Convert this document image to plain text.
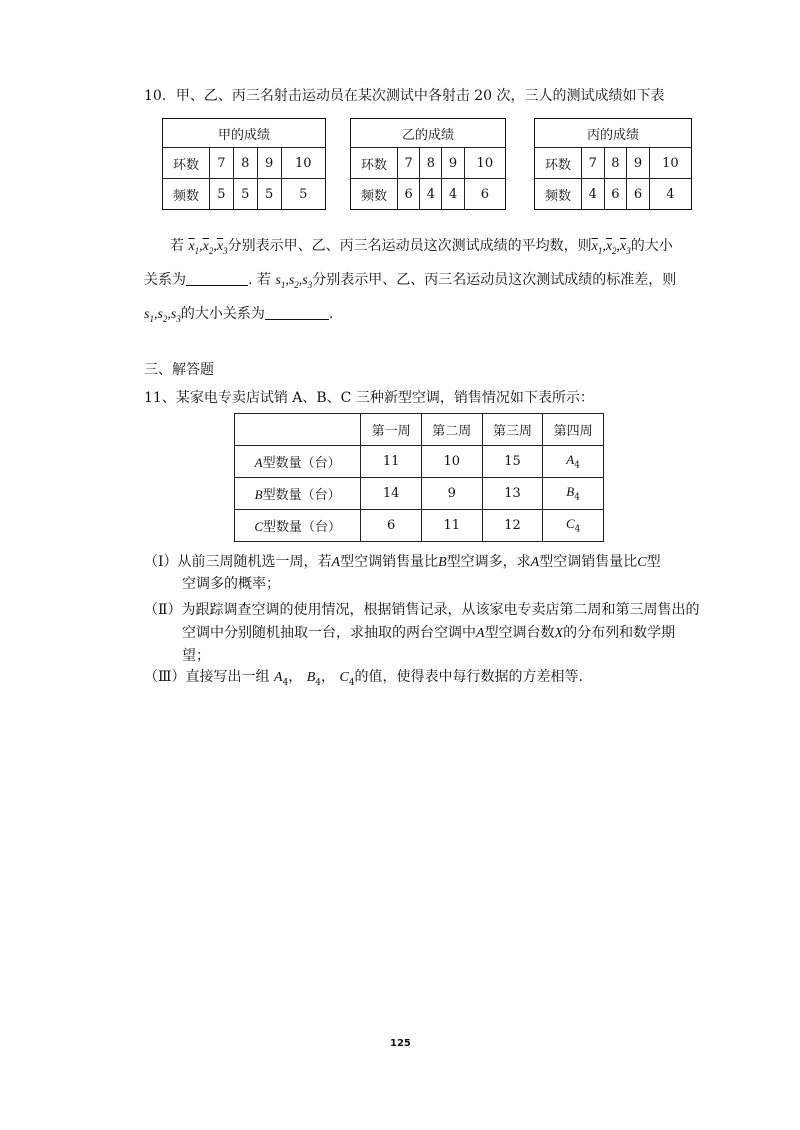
10．甲、乙、丙三名射击运动员在某次测试中各射击 20 次，三人的测试成绩如下表
甲的成绩				
环数	7	8	9	10
频数	5	5	5	5
乙的成绩				
环数	7	8	9	10
频数	6	4	4	6
丙的成绩				
环数	7	8	9	10
频数	4	6	6	4
若 $\overline{x}_1,\overline{x}_2,\overline{x}_3$分别表示甲、乙、丙三名运动员这次测试成绩的平均数，则$\overline{x}_1,\overline{x}_2,\overline{x}_3$的大小
关系为	. 若 $s_1,s_2,s_3$分别表示甲、乙、丙三名运动员这次测试成绩的标准差，则
$s_1,s_2,s_3$的大小关系为	.
三、解答题
11、某家电专卖店试销 A、B、C 三种新型空调，销售情况如下表所示：
	第一周	第二周	第三周	第四周
A型数量（台）	11	10	15	$A_4$
B型数量（台）	14	9	13	$B_4$
C型数量（台）	6	11	12	$C_4$
（Ⅰ）从前三周随机选一周，若A型空调销售量比B型空调多，求A型空调销售量比C型
空调多的概率；
（Ⅱ）为跟踪调查空调的使用情况，根据销售记录，从该家电专卖店第二周和第三周售出的
空调中分别随机抽取一台，求抽取的两台空调中A型空调台数X的分布列和数学期
望；
（Ⅲ）直接写出一组 $A_4$， $B_4$， $C_4$的值，使得表中每行数据的方差相等.
125
